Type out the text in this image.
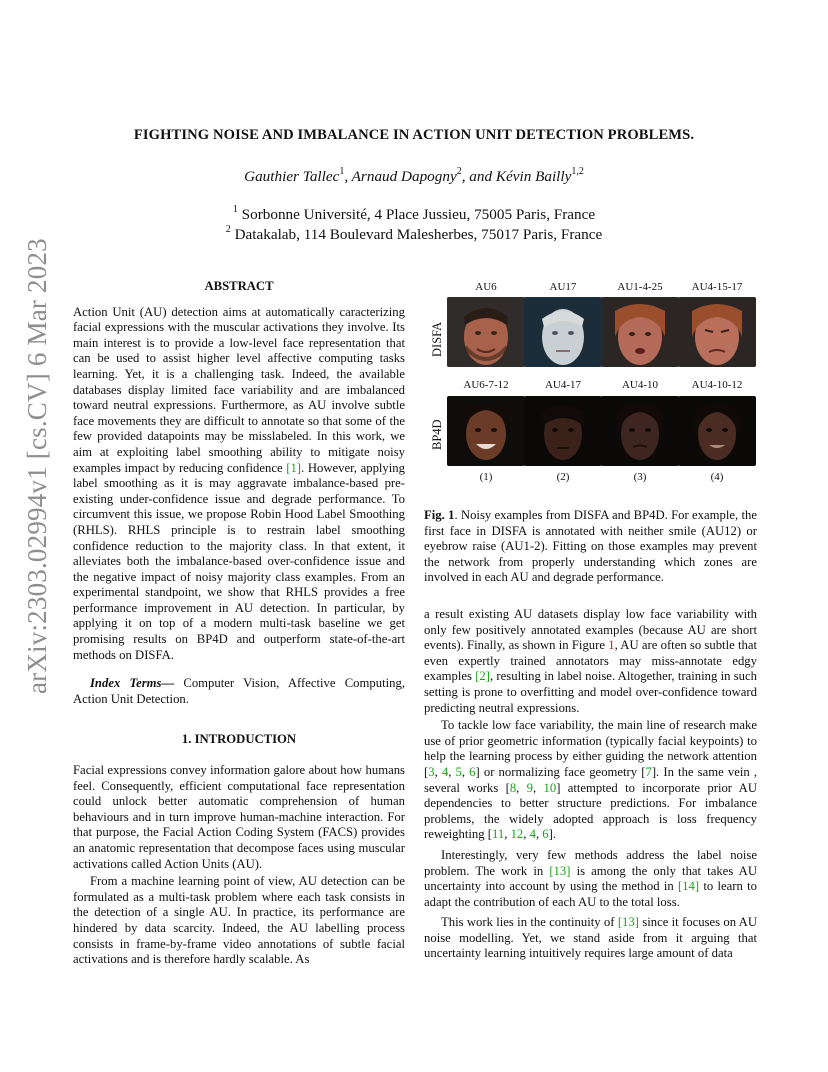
arXiv:2303.02994v1 [cs.CV] 6 Mar 2023
FIGHTING NOISE AND IMBALANCE IN ACTION UNIT DETECTION PROBLEMS.
Gauthier Tallec$^1$, Arnaud Dapogny$^2$, and Kévin Bailly$^{1,2}$
$^1$ Sorbonne Université, 4 Place Jussieu, 75005 Paris, France
$^2$ Datakalab, 114 Boulevard Malesherbes, 75017 Paris, France
ABSTRACT

Action Unit (AU) detection aims at automatically caracterizing facial expressions with the muscular activations they involve. Its main interest is to provide a low-level face representation that can be used to assist higher level affective computing tasks learning. Yet, it is a challenging task. Indeed, the available databases display limited face variability and are imbalanced toward neutral expressions. Furthermore, as AU involve subtle face movements they are difficult to annotate so that some of the few provided datapoints may be misslabeled. In this work, we aim at exploiting label smoothing ability to mitigate noisy examples impact by reducing confidence [1]. However, applying label smoothing as it is may aggravate imbalance-based pre-existing under-confidence issue and degrade performance. To circumvent this issue, we propose Robin Hood Label Smoothing (RHLS). RHLS principle is to restrain label smoothing confidence reduction to the majority class. In that extent, it alleviates both the imbalance-based over-confidence issue and the negative impact of noisy majority class examples. From an experimental standpoint, we show that RHLS provides a free performance improvement in AU detection. In particular, by applying it on top of a modern multi-task baseline we get promising results on BP4D and outperform state-of-the-art methods on DISFA.

Index Terms— Computer Vision, Affective Computing, Action Unit Detection.

1. INTRODUCTION

Facial expressions convey information galore about how humans feel. Consequently, efficient computational face representation could unlock better automatic comprehension of human behaviours and in turn improve human-machine interaction. For that purpose, the Facial Action Coding System (FACS) provides an anatomic representation that decompose faces using muscular activations called Action Units (AU).

From a machine learning point of view, AU detection can be formulated as a multi-task problem where each task consists in the detection of a single AU. In practice, its performance are hindered by data scarcity. Indeed, the AU labelling process consists in frame-by-frame video annotations of subtle facial activations and is therefore hardly scalable. As

AU6	AU17	AU1-4-25	AU4-15-17
DISFA
AU6-7-12	AU4-17	AU4-10	AU4-10-12
BP4D
(1)	(2)	(3)	(4)

Fig. 1. Noisy examples from DISFA and BP4D. For example, the first face in DISFA is annotated with neither smile (AU12) or eyebrow raise (AU1-2). Fitting on those examples may prevent the network from properly understanding which zones are involved in each AU and degrade performance.

a result existing AU datasets display low face variability with only few positively annotated examples (because AU are short events). Finally, as shown in Figure 1, AU are often so subtle that even expertly trained annotators may miss-annotate edgy examples [2], resulting in label noise. Altogether, training in such setting is prone to overfitting and model over-confidence toward predicting neutral expressions.

To tackle low face variability, the main line of research make use of prior geometric information (typically facial keypoints) to help the learning process by either guiding the network attention [3, 4, 5, 6] or normalizing face geometry [7]. In the same vein , several works [8, 9, 10] attempted to incorporate prior AU dependencies to better structure predictions. For imbalance problems, the widely adopted approach is loss frequency reweighting [11, 12, 4, 6].

Interestingly, very few methods address the label noise problem. The work in [13] is among the only that takes AU uncertainty into account by using the method in [14] to learn to adapt the contribution of each AU to the total loss.

This work lies in the continuity of [13] since it focuses on AU noise modelling. Yet, we stand aside from it arguing that uncertainty learning intuitively requires large amount of data
